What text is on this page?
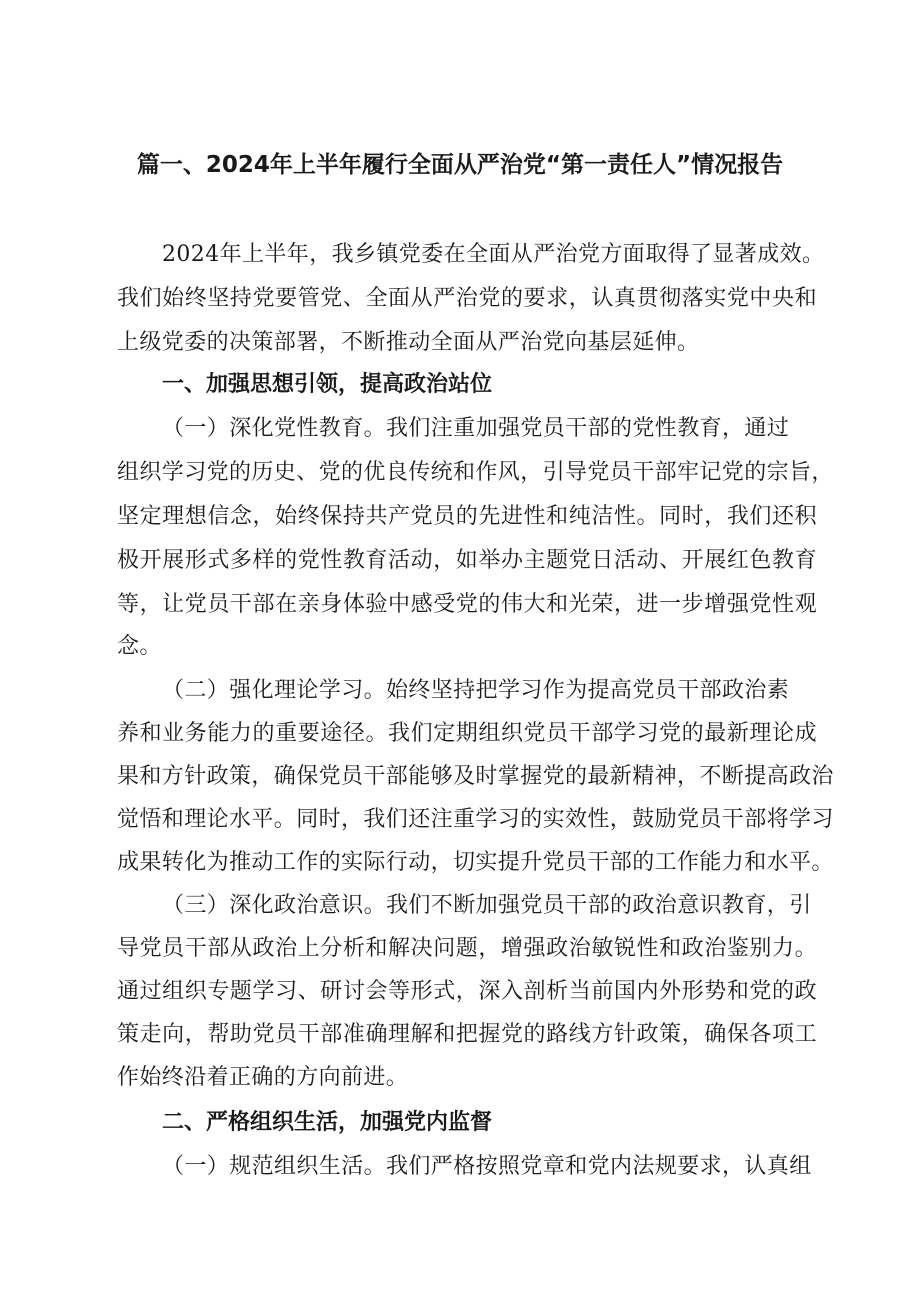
篇一、2024年上半年履行全面从严治党“第一责任人”情况报告
2024年上半年，我乡镇党委在全面从严治党方面取得了显著成效。
我们始终坚持党要管党、全面从严治党的要求，认真贯彻落实党中央和
上级党委的决策部署，不断推动全面从严治党向基层延伸。
一、加强思想引领，提高政治站位
（一）深化党性教育。我们注重加强党员干部的党性教育，通过
组织学习党的历史、党的优良传统和作风，引导党员干部牢记党的宗旨，
坚定理想信念，始终保持共产党员的先进性和纯洁性。同时，我们还积
极开展形式多样的党性教育活动，如举办主题党日活动、开展红色教育
等，让党员干部在亲身体验中感受党的伟大和光荣，进一步增强党性观
念。
（二）强化理论学习。始终坚持把学习作为提高党员干部政治素
养和业务能力的重要途径。我们定期组织党员干部学习党的最新理论成
果和方针政策，确保党员干部能够及时掌握党的最新精神，不断提高政治
觉悟和理论水平。同时，我们还注重学习的实效性，鼓励党员干部将学习
成果转化为推动工作的实际行动，切实提升党员干部的工作能力和水平。
（三）深化政治意识。我们不断加强党员干部的政治意识教育，引
导党员干部从政治上分析和解决问题，增强政治敏锐性和政治鉴别力。
通过组织专题学习、研讨会等形式，深入剖析当前国内外形势和党的政
策走向，帮助党员干部准确理解和把握党的路线方针政策，确保各项工
作始终沿着正确的方向前进。
二、严格组织生活，加强党内监督
（一）规范组织生活。我们严格按照党章和党内法规要求，认真组
